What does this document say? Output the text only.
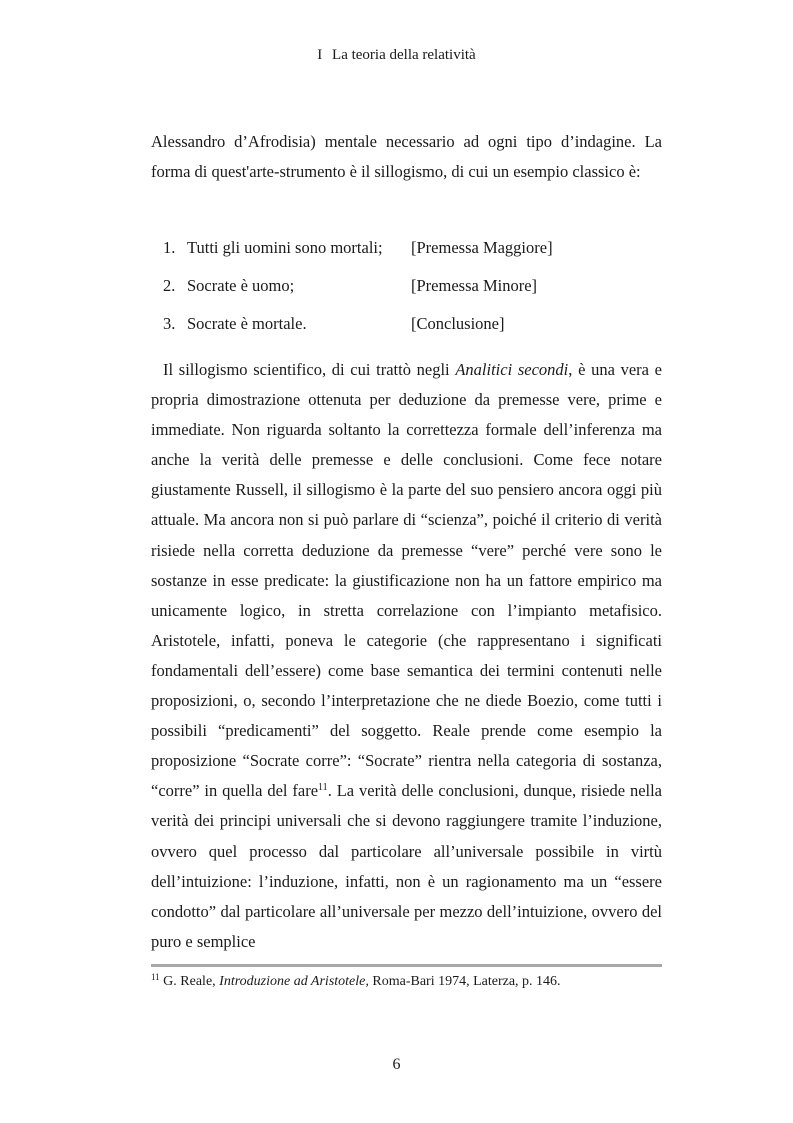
I La teoria della relatività

Alessandro d’Afrodisia) mentale necessario ad ogni tipo d’indagine. La forma di quest'arte-strumento è il sillogismo, di cui un esempio classico è:

1. Tutti gli uomini sono mortali; [Premessa Maggiore]
2. Socrate è uomo;	[Premessa Minore]
3. Socrate è mortale.	[Conclusione]

Il sillogismo scientifico, di cui trattò negli Analitici secondi, è una vera e propria dimostrazione ottenuta per deduzione da premesse vere, prime e immediate. Non riguarda soltanto la correttezza formale dell’inferenza ma anche la verità delle premesse e delle conclusioni. Come fece notare giustamente Russell, il sillogismo è la parte del suo pensiero ancora oggi più attuale. Ma ancora non si può parlare di “scienza”, poiché il criterio di verità risiede nella corretta deduzione da premesse “vere” perché vere sono le sostanze in esse predicate: la giustificazione non ha un fattore empirico ma unicamente logico, in stretta correlazione con l’impianto metafisico. Aristotele, infatti, poneva le categorie (che rappresentano i significati fondamentali dell’essere) come base semantica dei termini contenuti nelle proposizioni, o, secondo l’interpretazione che ne diede Boezio, come tutti i possibili “predicamenti” del soggetto. Reale prende come esempio la proposizione “Socrate corre”: “Socrate” rientra nella categoria di sostanza, “corre” in quella del fare$^{11}$. La verità delle conclusioni, dunque, risiede nella verità dei principi universali che si devono raggiungere tramite l’induzione, ovvero quel processo dal particolare all’universale possibile in virtù dell’intuizione: l’induzione, infatti, non è un ragionamento ma un “essere condotto” dal particolare all’universale per mezzo dell’intuizione, ovvero del puro e semplice

$^{11}$ G. Reale, Introduzione ad Aristotele, Roma-Bari 1974, Laterza, p. 146.
6
